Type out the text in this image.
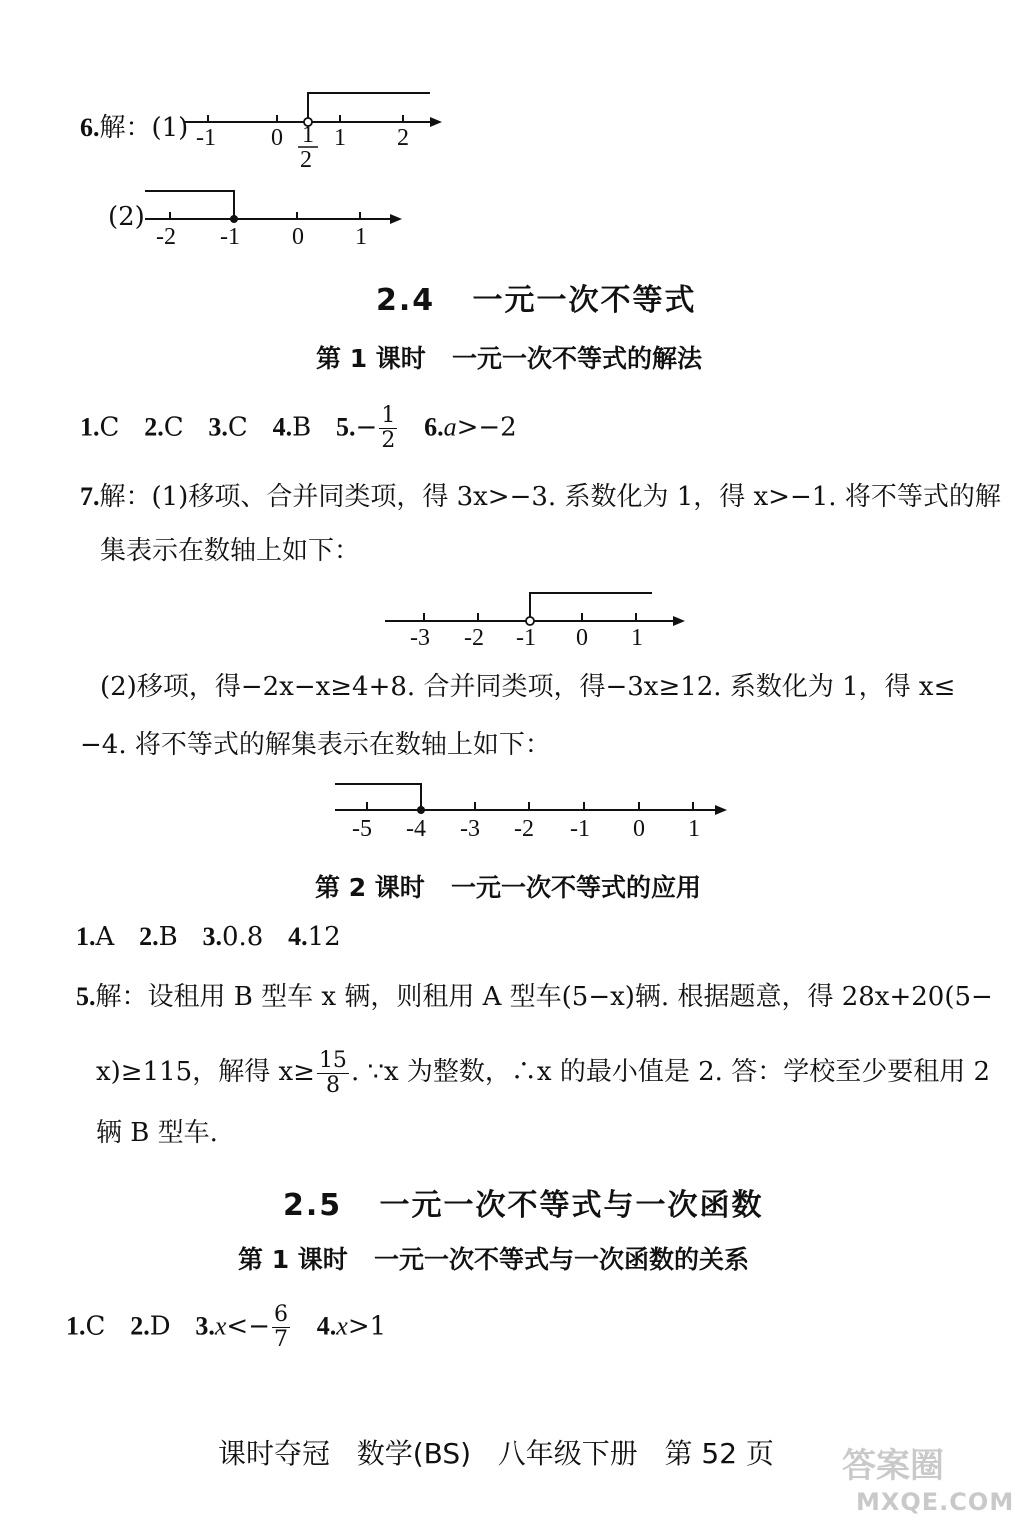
6.解：(1) -1 0 1 2
1
2
(2)
-2 -1 0 1
2.4 一元一次不等式
第 1 课时 一元一次不等式的解法
1.C 2.C 3.C 4.B $5.- \frac{1}{2} 6.a>-2$
7.解：(1)移项、合并同类项，得 3x>−3. 系数化为 1，得 x>−1. 将不等式的解
集表示在数轴上如下：
-3 -2 -1 0 1
(2)移项，得−2x−x≥4+8. 合并同类项，得−3x≥12. 系数化为 1，得 x≤
−4. 将不等式的解集表示在数轴上如下：
-5 -4 -3 -2 -1 0 1
第 2 课时 一元一次不等式的应用
1.A 2.B 3.0.8 4.12
5.解：设租用 B 型车 x 辆，则租用 A 型车(5−x)辆. 根据题意，得 28x+20(5−
x)≥115，解得 $x\ge \frac{15}{8}$ . ∵x 为整数，∴x 的最小值是 2. 答：学校至少要租用 2
辆 B 型车.
2.5 一元一次不等式与一次函数
第 1 课时 一元一次不等式与一次函数的关系
1.C 2.D $3.x<- \frac{6}{7} 4.x>1$
课时夺冠 数学(BS) 八年级下册 第 52 页 答案圈
MXQE.COM
